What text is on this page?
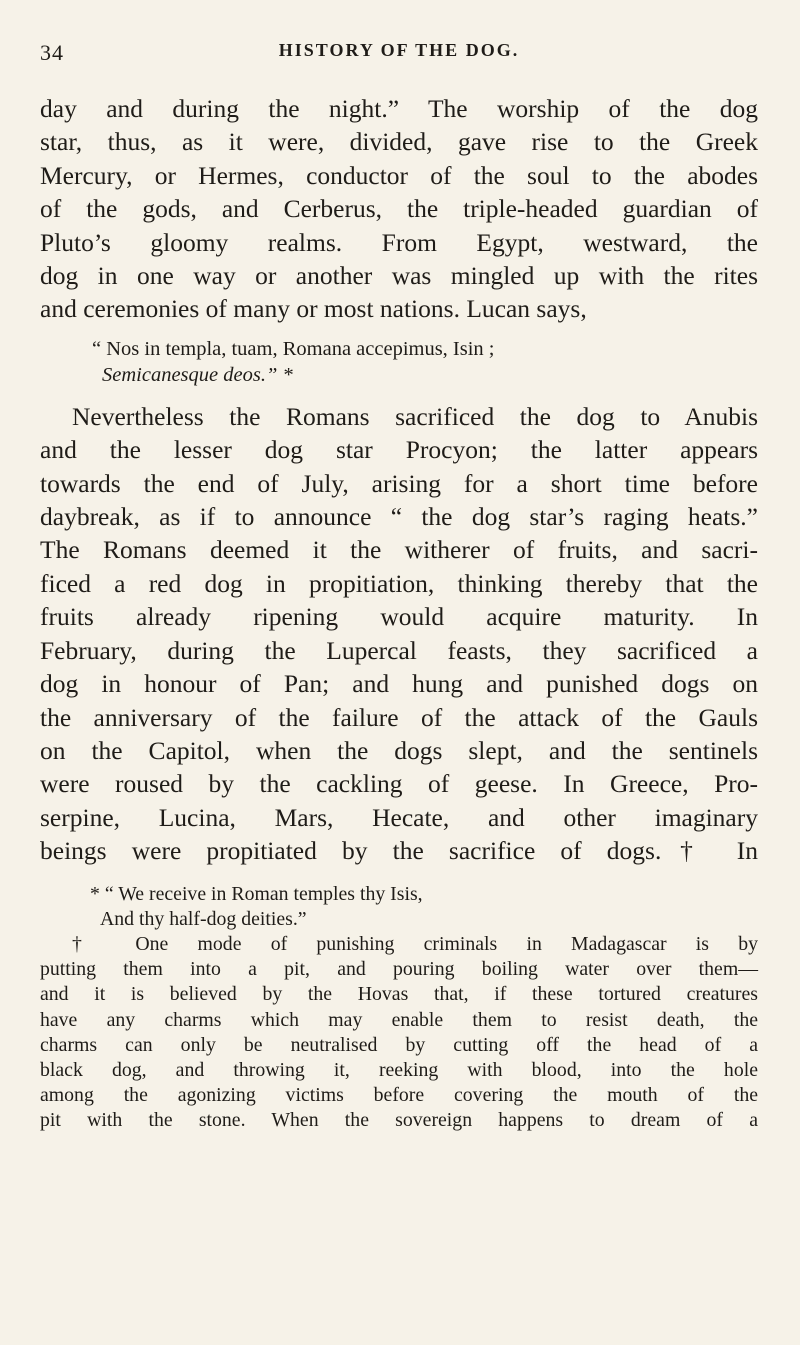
34	HISTORY OF THE DOG.

day and during the night.” The worship of the dog

star, thus, as it were, divided, gave rise to the Greek

Mercury, or Hermes, conductor of the soul to the abodes

of the gods, and Cerberus, the triple-headed guardian of

Pluto’s gloomy realms. From Egypt, westward, the

dog in one way or another was mingled up with the rites

and ceremonies of many or most nations. Lucan says,

“ Nos in templa, tuam, Romana accepimus, Isin ;
Semicanesque deos.” *

Nevertheless the Romans sacrificed the dog to Anubis

and the lesser dog star Procyon; the latter appears

towards the end of July, arising for a short time before

daybreak, as if to announce “ the dog star’s raging heats.”

The Romans deemed it the witherer of fruits, and sacri-

ficed a red dog in propitiation, thinking thereby that the

fruits already ripening would acquire maturity. In

February, during the Lupercal feasts, they sacrificed a

dog in honour of Pan; and hung and punished dogs on

the anniversary of the failure of the attack of the Gauls

on the Capitol, when the dogs slept, and the sentinels

were roused by the cackling of geese. In Greece, Pro-

serpine, Lucina, Mars, Hecate, and other imaginary

beings were propitiated by the sacrifice of dogs.† In

* “ We receive in Roman temples thy Isis,

And thy half-dog deities.”

† One mode of punishing criminals in Madagascar is by

putting them into a pit, and pouring boiling water over them—

and it is believed by the Hovas that, if these tortured creatures

have any charms which may enable them to resist death, the

charms can only be neutralised by cutting off the head of a

black dog, and throwing it, reeking with blood, into the hole

among the agonizing victims before covering the mouth of the

pit with the stone. When the sovereign happens to dream of a
